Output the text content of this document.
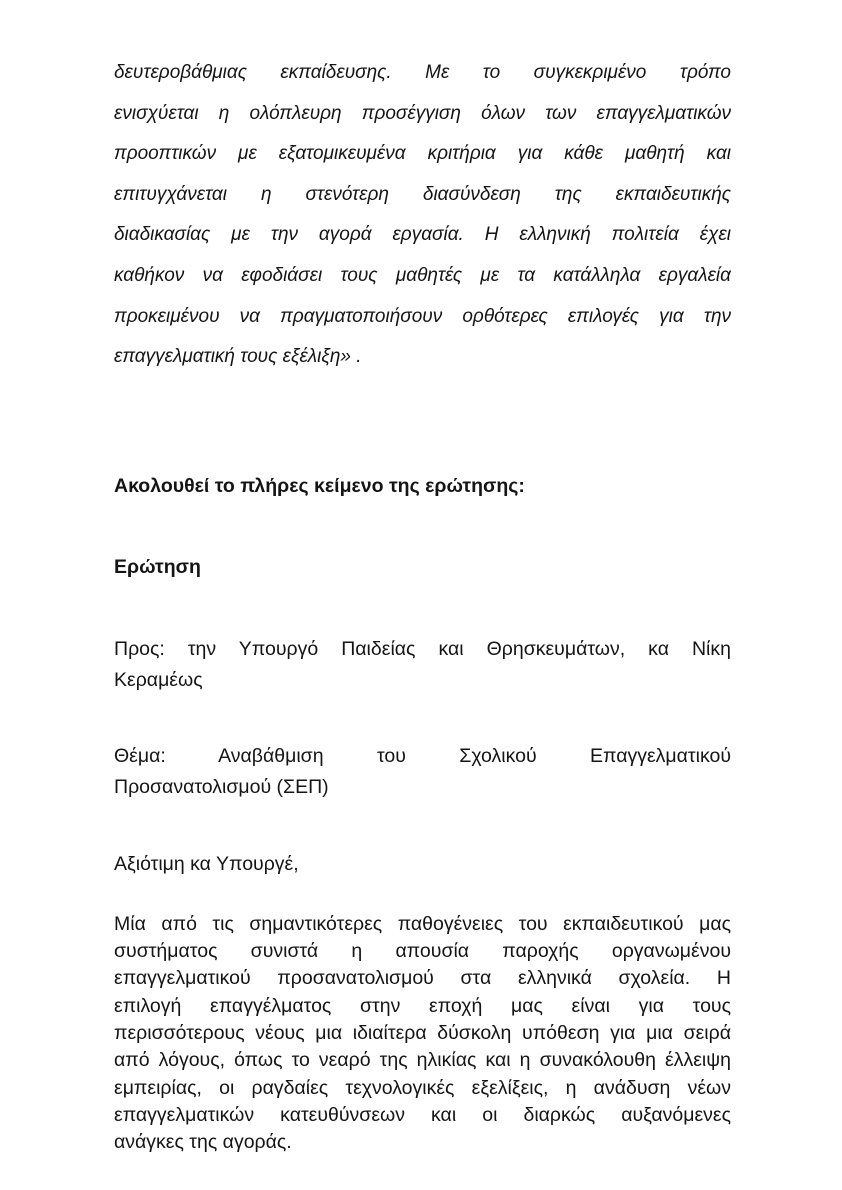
δευτεροβάθμιας εκπαίδευσης. Με το συγκεκριμένο τρόπο
ενισχύεται η ολόπλευρη προσέγγιση όλων των επαγγελματικών
προοπτικών με εξατομικευμένα κριτήρια για κάθε μαθητή και
επιτυγχάνεται η στενότερη διασύνδεση της εκπαιδευτικής
διαδικασίας με την αγορά εργασία. Η ελληνική πολιτεία έχει
καθήκον να εφοδιάσει τους μαθητές με τα κατάλληλα εργαλεία
προκειμένου να πραγματοποιήσουν ορθότερες επιλογές για την
επαγγελματική τους εξέλιξη» .
Ακολουθεί το πλήρες κείμενο της ερώτησης:
Ερώτηση
Προς: την Υπουργό Παιδείας και Θρησκευμάτων, κα Νίκη
Κεραμέως
Θέμα: Αναβάθμιση του Σχολικού Επαγγελματικού
Προσανατολισμού (ΣΕΠ)
Αξιότιμη κα Υπουργέ,
Μία από τις σημαντικότερες παθογένειες του εκπαιδευτικού μας
συστήματος συνιστά η απουσία παροχής οργανωμένου
επαγγελματικού προσανατολισμού στα ελληνικά σχολεία. Η
επιλογή επαγγέλματος στην εποχή μας είναι για τους
περισσότερους νέους μια ιδιαίτερα δύσκολη υπόθεση για μια σειρά
από λόγους, όπως το νεαρό της ηλικίας και η συνακόλουθη έλλειψη
εμπειρίας, οι ραγδαίες τεχνολογικές εξελίξεις, η ανάδυση νέων
επαγγελματικών κατευθύνσεων και οι διαρκώς αυξανόμενες
ανάγκες της αγοράς.
